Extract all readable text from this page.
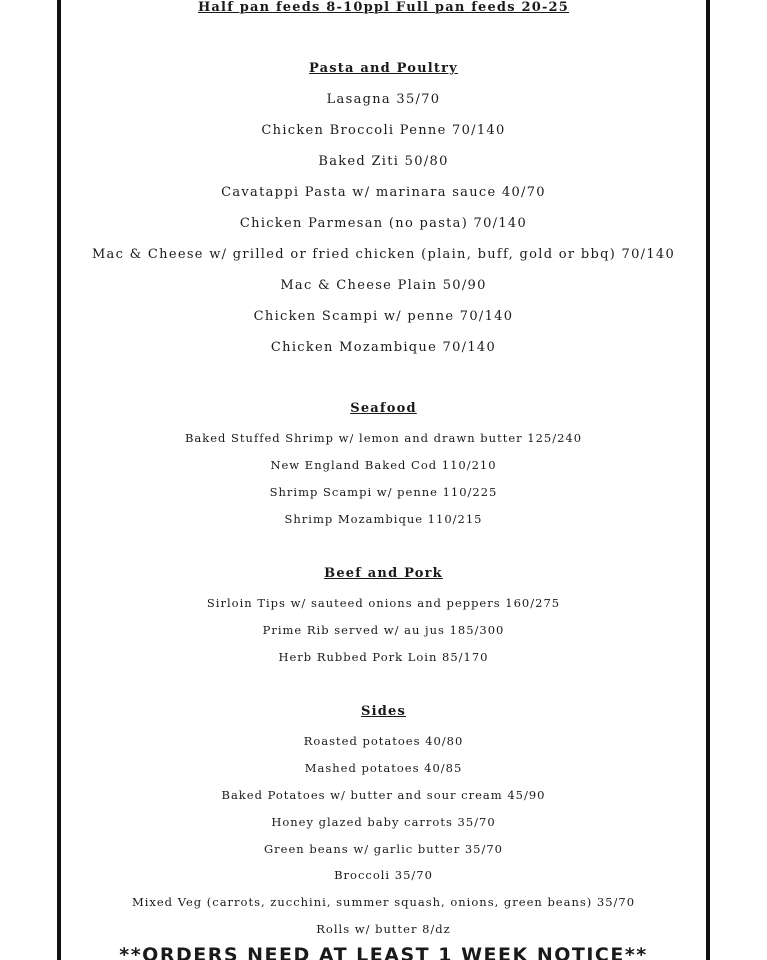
Half pan feeds 8-10ppl Full pan feeds 20-25
Pasta and Poultry
Lasagna 35/70
Chicken Broccoli Penne 70/140
Baked Ziti 50/80
Cavatappi Pasta w/ marinara sauce 40/70
Chicken Parmesan (no pasta) 70/140
Mac & Cheese w/ grilled or fried chicken (plain, buff, gold or bbq) 70/140
Mac & Cheese Plain 50/90
Chicken Scampi w/ penne 70/140
Chicken Mozambique 70/140
Seafood
Baked Stuffed Shrimp w/ lemon and drawn butter 125/240
New England Baked Cod 110/210
Shrimp Scampi w/ penne 110/225
Shrimp Mozambique 110/215
Beef and Pork
Sirloin Tips w/ sauteed onions and peppers 160/275
Prime Rib served w/ au jus 185/300
Herb Rubbed Pork Loin 85/170
Sides
Roasted potatoes 40/80
Mashed potatoes 40/85
Baked Potatoes w/ butter and sour cream 45/90
Honey glazed baby carrots 35/70
Green beans w/ garlic butter 35/70
Broccoli 35/70
Mixed Veg (carrots, zucchini, summer squash, onions, green beans) 35/70
Rolls w/ butter 8/dz
**ORDERS NEED AT LEAST 1 WEEK NOTICE**
